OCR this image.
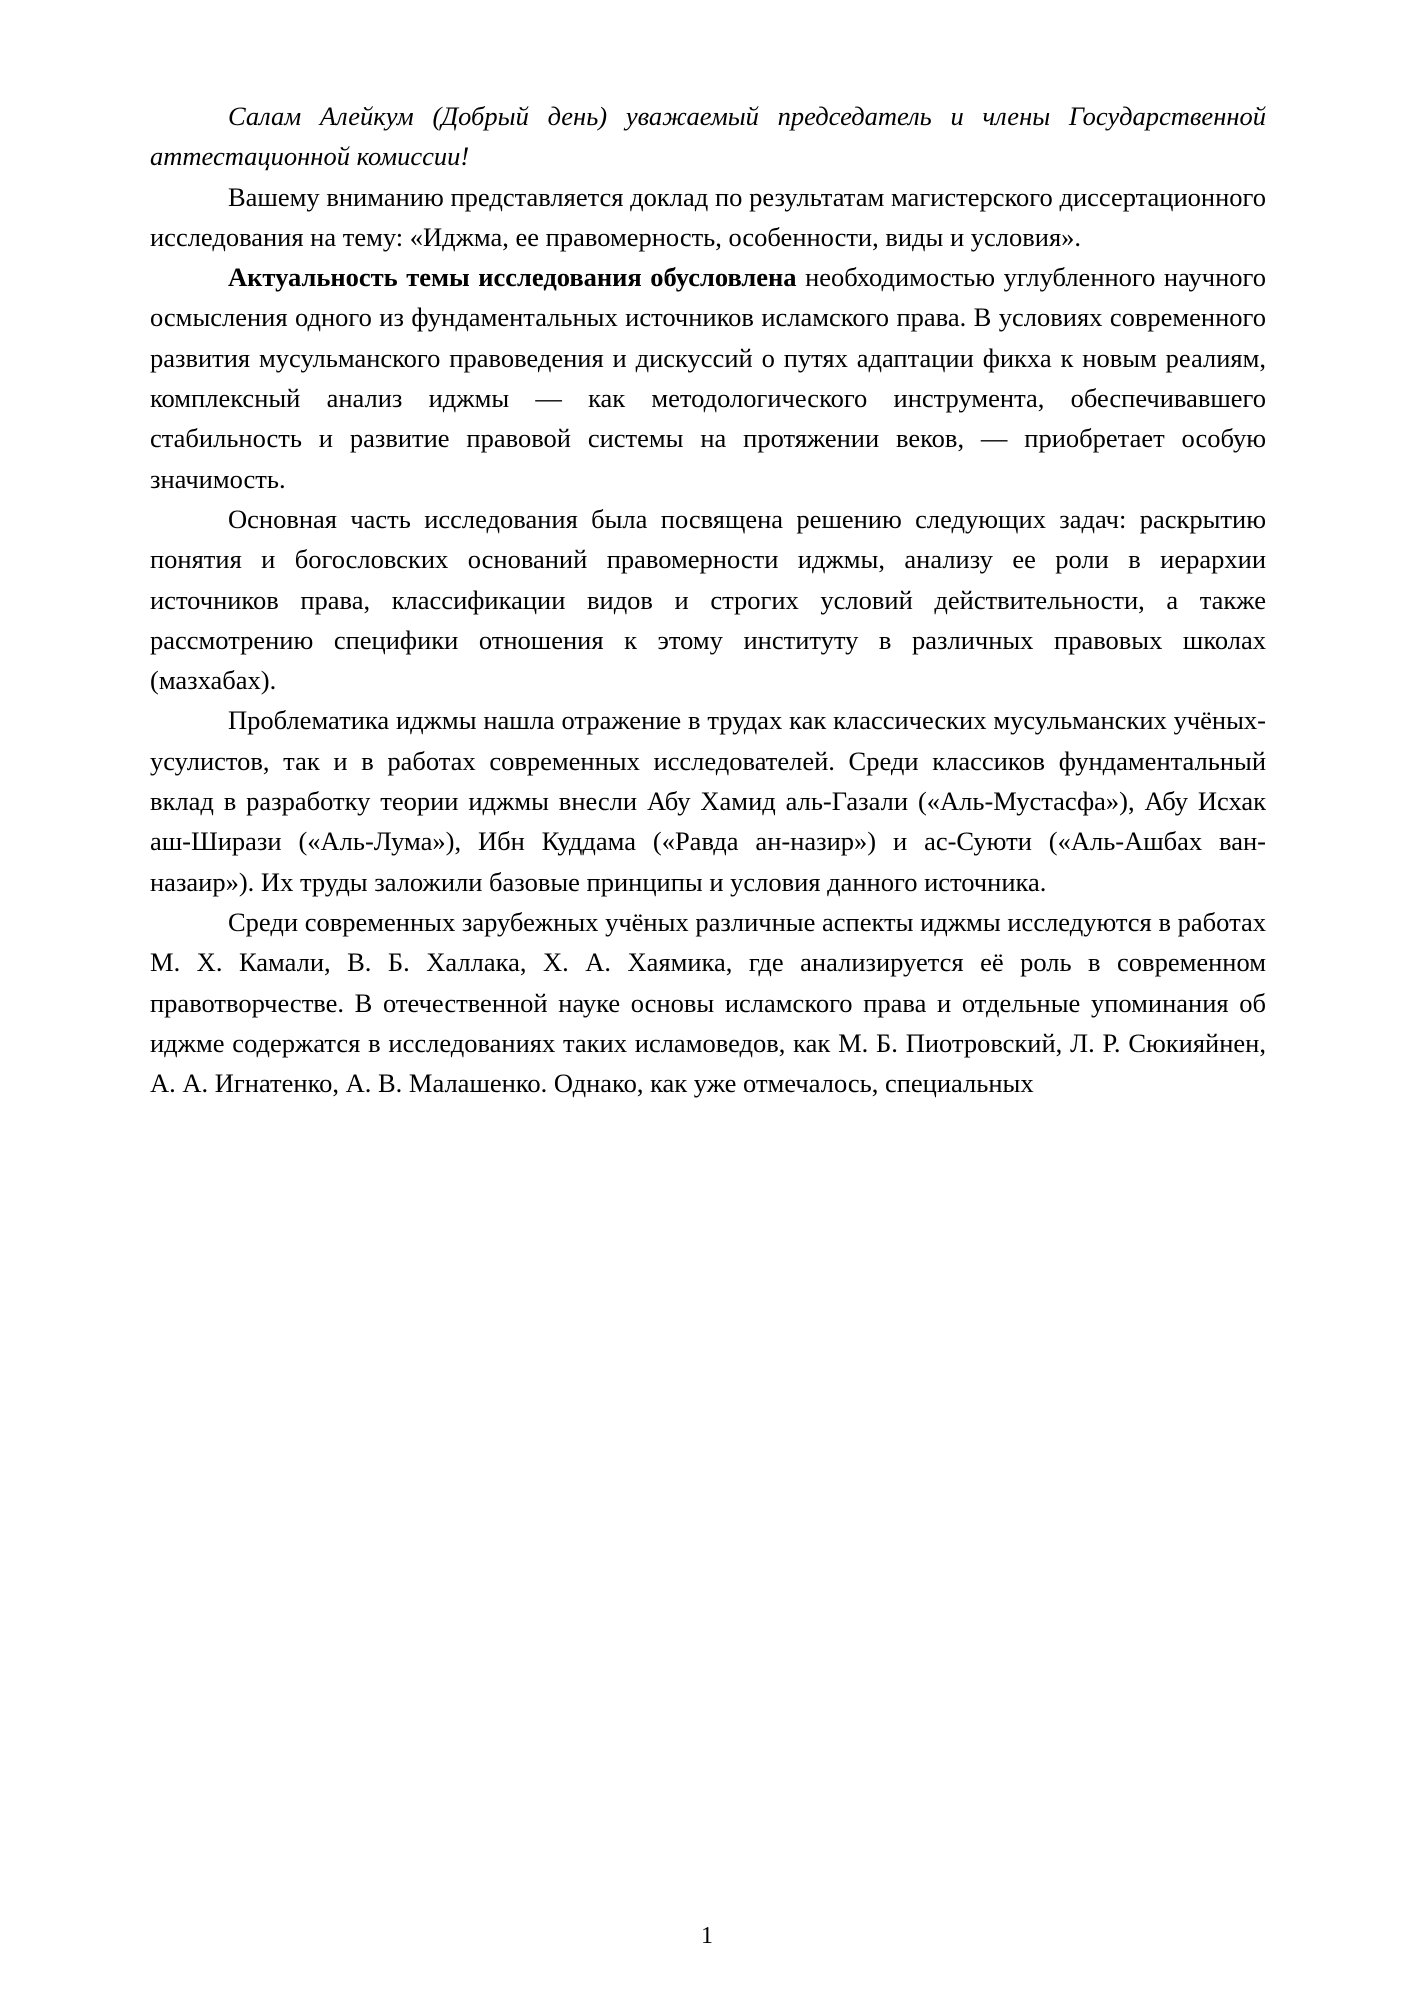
Салам Алейкум (Добрый день) уважаемый председатель и члены Государственной аттестационной комиссии!

Вашему вниманию представляется доклад по результатам магистерского диссертационного исследования на тему: «Иджма, ее правомерность, особенности, виды и условия».

Актуальность темы исследования обусловлена необходимостью углубленного научного осмысления одного из фундаментальных источников исламского права. В условиях современного развития мусульманского правоведения и дискуссий о путях адаптации фикха к новым реалиям, комплексный анализ иджмы — как методологического инструмента, обеспечивавшего стабильность и развитие правовой системы на протяжении веков, — приобретает особую значимость.

Основная часть исследования была посвящена решению следующих задач: раскрытию понятия и богословских оснований правомерности иджмы, анализу ее роли в иерархии источников права, классификации видов и строгих условий действительности, а также рассмотрению специфики отношения к этому институту в различных правовых школах (мазхабах).

Проблематика иджмы нашла отражение в трудах как классических мусульманских учёных-усулистов, так и в работах современных исследователей. Среди классиков фундаментальный вклад в разработку теории иджмы внесли Абу Хамид аль-Газали («Аль-Мустасфа»), Абу Исхак аш-Ширази («Аль-Лума»), Ибн Куддама («Равда ан-назир») и ас-Суюти («Аль-Ашбах ван-назаир»). Их труды заложили базовые принципы и условия данного источника.

Среди современных зарубежных учёных различные аспекты иджмы исследуются в работах М. Х. Камали, В. Б. Халлака, Х. А. Хаямика, где анализируется её роль в современном правотворчестве. В отечественной науке основы исламского права и отдельные упоминания об иджме содержатся в исследованиях таких исламоведов, как М. Б. Пиотровский, Л. Р. Сюкияйнен, А. А. Игнатенко, А. В. Малашенко. Однако, как уже отмечалось, специальных

1
